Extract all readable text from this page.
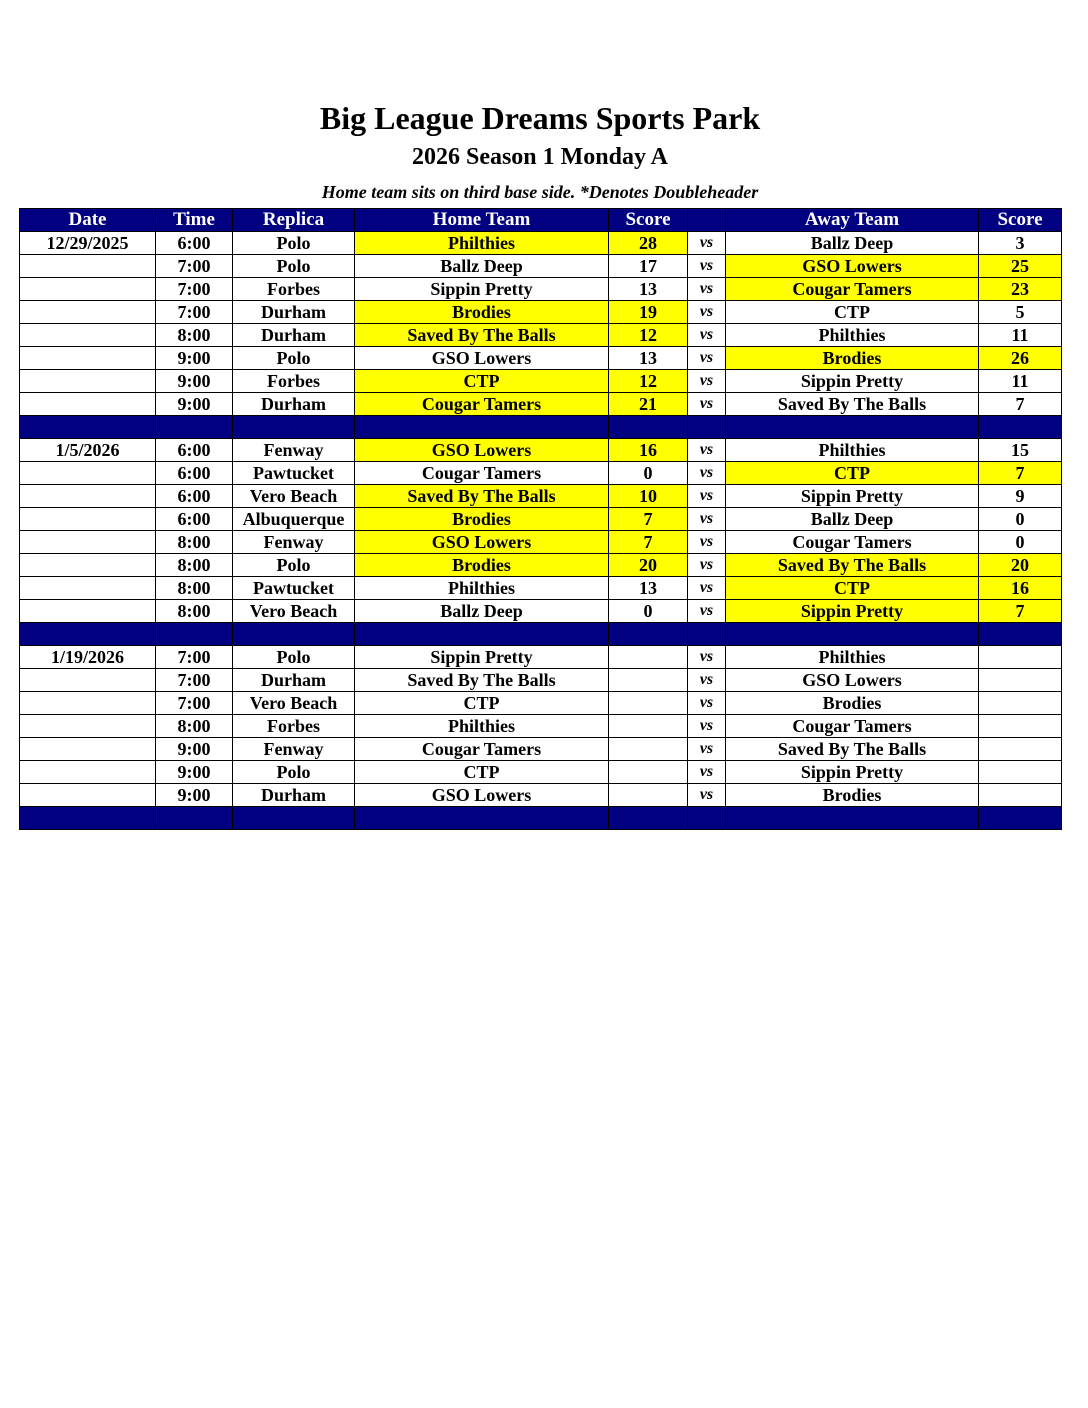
Big League Dreams Sports Park
2026 Season 1 Monday A
Home team sits on third base side. *Denotes Doubleheader
Date	Time	Replica	Home Team	Score		Away Team	Score
12/29/2025	6:00	Polo	Philthies	28	vs	Ballz Deep	3
	7:00	Polo	Ballz Deep	17	vs	GSO Lowers	25
	7:00	Forbes	Sippin Pretty	13	vs	Cougar Tamers	23
	7:00	Durham	Brodies	19	vs	CTP	5
	8:00	Durham	Saved By The Balls	12	vs	Philthies	11
	9:00	Polo	GSO Lowers	13	vs	Brodies	26
	9:00	Forbes	CTP	12	vs	Sippin Pretty	11
	9:00	Durham	Cougar Tamers	21	vs	Saved By The Balls	7

1/5/2026	6:00	Fenway	GSO Lowers	16	vs	Philthies	15
	6:00	Pawtucket	Cougar Tamers	0	vs	CTP	7
	6:00	Vero Beach	Saved By The Balls	10	vs	Sippin Pretty	9
	6:00	Albuquerque	Brodies	7	vs	Ballz Deep	0
	8:00	Fenway	GSO Lowers	7	vs	Cougar Tamers	0
	8:00	Polo	Brodies	20	vs	Saved By The Balls	20
	8:00	Pawtucket	Philthies	13	vs	CTP	16
	8:00	Vero Beach	Ballz Deep	0	vs	Sippin Pretty	7

1/19/2026	7:00	Polo	Sippin Pretty		vs	Philthies	
	7:00	Durham	Saved By The Balls		vs	GSO Lowers	
	7:00	Vero Beach	CTP		vs	Brodies	
	8:00	Forbes	Philthies		vs	Cougar Tamers	
	9:00	Fenway	Cougar Tamers		vs	Saved By The Balls	
	9:00	Polo	CTP		vs	Sippin Pretty	
	9:00	Durham	GSO Lowers		vs	Brodies	
